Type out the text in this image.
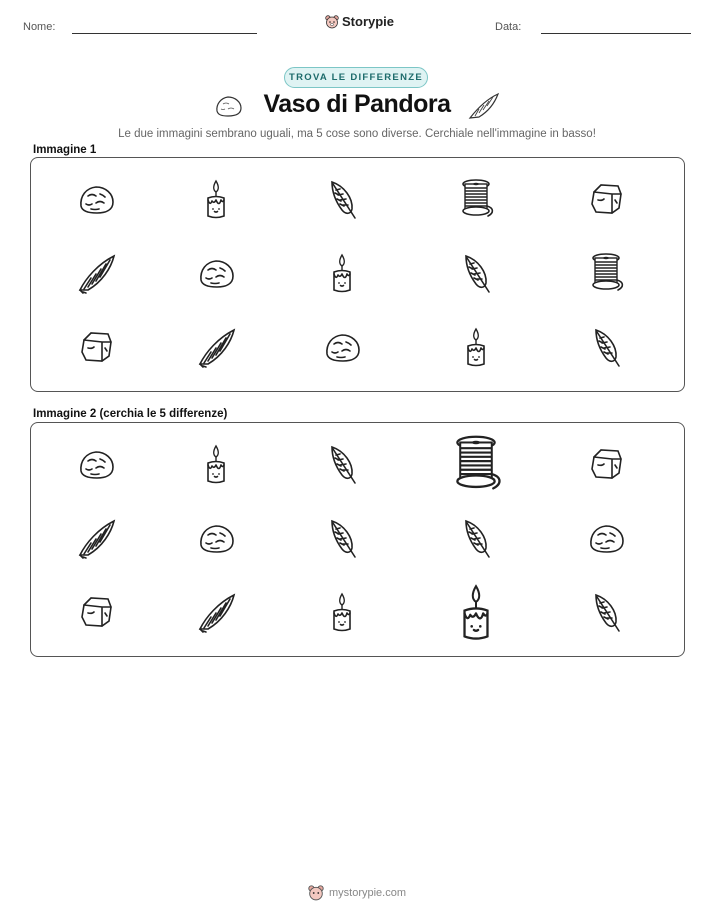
Nome:	Storypie	Data:
TROVA LE DIFFERENZE
Vaso di Pandora
Le due immagini sembrano uguali, ma 5 cose sono diverse. Cerchiale nell'immagine in basso!
Immagine 1
Immagine 2 (cerchia le 5 differenze)
mystorypie.com
